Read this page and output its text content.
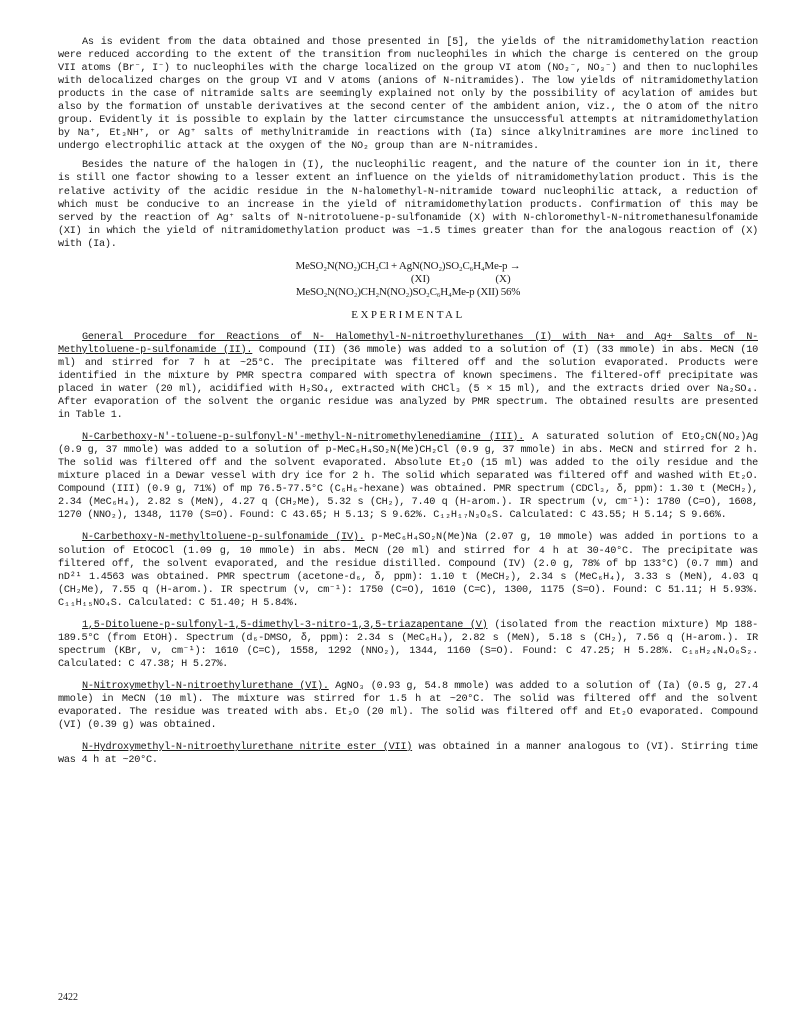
As is evident from the data obtained and those presented in [5], the yields of the nitramidomethylation reaction were reduced according to the extent of the transition from nucleophiles in which the charge is centered on the group VII atoms (Br⁻, I⁻) to nucleophiles with the charge localized on the group VI atom (NO₂⁻, NO₃⁻) and then to nuclophiles with delocalized charges on the group VI and V atoms (anions of N-nitramides). The low yields of nitramidomethylation products in the case of nitramide salts are seemingly explained not only by the possibility of acylation of amides but also by the formation of unstable derivatives at the second center of the ambident anion, viz., the O atom of the nitro group. Evidently it is possible to explain by the latter circumstance the unsuccessful attempts at nitramidomethylation by Na⁺, Et₃NH⁺, or Ag⁺ salts of methylnitramide in reactions with (Ia) since alkylnitramines are more inclined to undergo electrophilic attack at the oxygen of the NO₂ group than are N-nitramides.

Besides the nature of the halogen in (I), the nucleophilic reagent, and the nature of the counter ion in it, there is still one factor showing to a lesser extent an influence on the yields of nitramidomethylation product. This is the relative activity of the acidic residue in the N-halomethyl-N-nitramide toward nucleophilic attack, a reduction of which must be conducive to an increase in the yield of nitramidomethylation products. Confirmation of this may be served by the reaction of Ag⁺ salts of N-nitrotoluene-p-sulfonamide (X) with N-chloromethyl-N-nitromethanesulfonamide (XI) in which the yield of nitramidomethylation product was ~1.5 times greater than for the analogous reaction of (X) with (Ia).

MeSO₂N(NO₂)CH₂Cl + AgN(NO₂)SO₂C₆H₄Me-p →
(XI)	(X)
MeSO₂N(NO₂)CH₂N(NO₂)SO₂C₆H₄Me-p (XII) 56%
EXPERIMENTAL

General Procedure for Reactions of N- Halomethyl-N-nitroethylurethanes (I) with Na+ and Ag+ Salts of N-Methyltoluene-p-sulfonamide (II). Compound (II) (36 mmole) was added to a solution of (I) (33 mmole) in abs. MeCN (10 ml) and stirred for 7 h at ~25°C. The precipitate was filtered off and the solution evaporated. Products were identified in the mixture by PMR spectra compared with spectra of known specimens. The filtered-off precipitate was placed in water (20 ml), acidified with H₂SO₄, extracted with CHCl₃ (5 × 15 ml), and the extracts dried over Na₂SO₄. After evaporation of the solvent the organic residue was analyzed by PMR spectrum. The obtained results are presented in Table 1.

N-Carbethoxy-N'-toluene-p-sulfonyl-N'-methyl-N-nitromethylenediamine (III). A saturated solution of EtO₂CN(NO₂)Ag (0.9 g, 37 mmole) was added to a solution of p-MeC₆H₄SO₂N(Me)CH₂Cl (0.9 g, 37 mmole) in abs. MeCN and stirred for 2 h. The solid was filtered off and the solvent evaporated. Absolute Et₂O (15 ml) was added to the oily residue and the mixture placed in a Dewar vessel with dry ice for 2 h. The solid which separated was filtered off and washed with Et₂O. Compound (III) (0.9 g, 71%) of mp 76.5-77.5°C (C₆H₆-hexane) was obtained. PMR spectrum (CDCl₃, δ, ppm): 1.30 t (MeCH₂), 2.34 (MeC₆H₄), 2.82 s (MeN), 4.27 q (CH₂Me), 5.32 s (CH₂), 7.40 q (H-arom.). IR spectrum (ν, cm⁻¹): 1780 (C=O), 1608, 1270 (NNO₂), 1348, 1170 (S=O). Found: C 43.65; H 5.13; S 9.62%. C₁₂H₁₇N₃O₆S. Calculated: C 43.55; H 5.14; S 9.66%.

N-Carbethoxy-N-methyltoluene-p-sulfonamide (IV). p-MeC₆H₄SO₂N(Me)Na (2.07 g, 10 mmole) was added in portions to a solution of EtOCOCl (1.09 g, 10 mmole) in abs. MeCN (20 ml) and stirred for 4 h at 30-40°C. The precipitate was filtered off, the solvent evaporated, and the residue distilled. Compound (IV) (2.0 g, 78% of bp 133°C) (0.7 mm) and nD²¹ 1.4563 was obtained. PMR spectrum (acetone-d₆, δ, ppm): 1.10 t (MeCH₂), 2.34 s (MeC₆H₄), 3.33 s (MeN), 4.03 q (CH₂Me), 7.55 q (H-arom.). IR spectrum (ν, cm⁻¹): 1750 (C=O), 1610 (C=C), 1300, 1175 (S=O). Found: C 51.11; H 5.93%. C₁₁H₁₅NO₄S. Calculated: C 51.40; H 5.84%.

1,5-Ditoluene-p-sulfonyl-1,5-dimethyl-3-nitro-1,3,5-triazapentane (V) (isolated from the reaction mixture) Mp 188-189.5°C (from EtOH). Spectrum (d₆-DMSO, δ, ppm): 2.34 s (MeC₆H₄), 2.82 s (MeN), 5.18 s (CH₂), 7.56 q (H-arom.). IR spectrum (KBr, ν, cm⁻¹): 1610 (C=C), 1558, 1292 (NNO₂), 1344, 1160 (S=O). Found: C 47.25; H 5.28%. C₁₈H₂₄N₄O₆S₂. Calculated: C 47.38; H 5.27%.

N-Nitroxymethyl-N-nitroethylurethane (VI). AgNO₃ (0.93 g, 54.8 mmole) was added to a solution of (Ia) (0.5 g, 27.4 mmole) in MeCN (10 ml). The mixture was stirred for 1.5 h at ~20°C. The solid was filtered off and the solvent evaporated. The residue was treated with abs. Et₂O (20 ml). The solid was filtered off and Et₂O evaporated. Compound (VI) (0.39 g) was obtained.

N-Hydroxymethyl-N-nitroethylurethane nitrite ester (VII) was obtained in a manner analogous to (VI). Stirring time was 4 h at ~20°C.

2422
